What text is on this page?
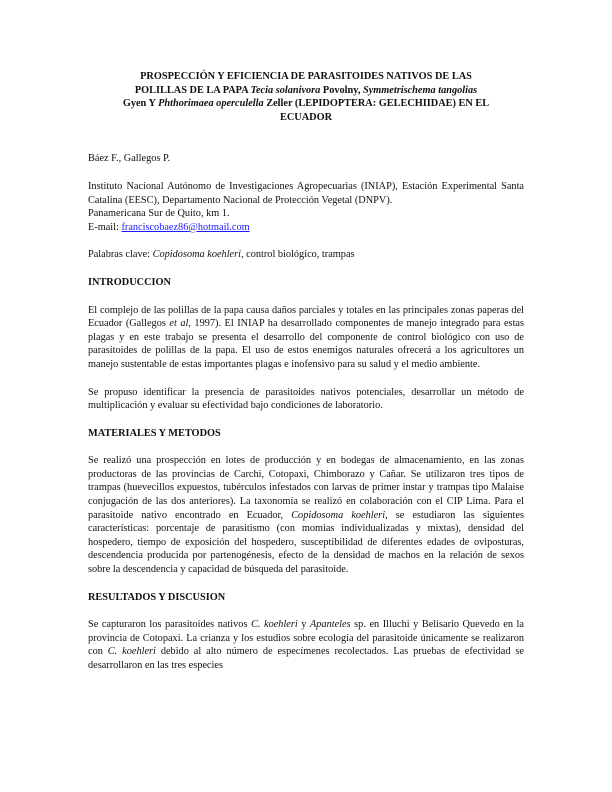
PROSPECCIÓN Y EFICIENCIA DE PARASITOIDES NATIVOS DE LAS

POLILLAS DE LA PAPA Tecia solanivora Povolny, Symmetrischema tangolias

Gyen Y Phthorimaea operculella Zeller (LEPIDOPTERA: GELECHIIDAE) EN EL

ECUADOR

Báez F., Gallegos P.

Instituto Nacional Autónomo de Investigaciones Agropecuarias (INIAP), Estación Experimental Santa Catalina (EESC), Departamento Nacional de Protección Vegetal (DNPV).

Panamericana Sur de Quito, km 1.

E-mail: franciscobaez86@hotmail.com

Palabras clave: Copidosoma koehleri, control biológico, trampas

INTRODUCCION

El complejo de las polillas de la papa causa daños parciales y totales en las principales zonas paperas del Ecuador (Gallegos et al, 1997). El INIAP ha desarrollado componentes de manejo integrado para estas plagas y en este trabajo se presenta el desarrollo del componente de control biológico con uso de parasitoides de polillas de la papa. El uso de estos enemigos naturales ofrecerá a los agricultores un manejo sustentable de estas importantes plagas e inofensivo para su salud y el medio ambiente.

Se propuso identificar la presencia de parasitoides nativos potenciales, desarrollar un método de multiplicación y evaluar su efectividad bajo condiciones de laboratorio.

MATERIALES Y METODOS

Se realizó una prospección en lotes de producción y en bodegas de almacenamiento, en las zonas productoras de las provincias de Carchi, Cotopaxi, Chimborazo y Cañar. Se utilizaron tres tipos de trampas (huevecillos expuestos, tubérculos infestados con larvas de primer instar y trampas tipo Malaise conjugación de las dos anteriores). La taxonomía se realizó en colaboración con el CIP Lima. Para el parasitoide nativo encontrado en Ecuador, Copidosoma koehleri, se estudiaron las siguientes características: porcentaje de parasitismo (con momias individualizadas y mixtas), densidad del hospedero, tiempo de exposición del hospedero, susceptibilidad de diferentes edades de oviposturas, descendencia producida por partenogénesis, efecto de la densidad de machos en la relación de sexos sobre la descendencia y capacidad de búsqueda del parasitoide.

RESULTADOS Y DISCUSION

Se capturaron los parasitoides nativos C. koehleri y Apanteles sp. en Illuchi y Belisario Quevedo en la provincia de Cotopaxi. La crianza y los estudios sobre ecología del parasitoide únicamente se realizaron con C. koehleri debido al alto número de especímenes recolectados. Las pruebas de efectividad se desarrollaron en las tres especies
